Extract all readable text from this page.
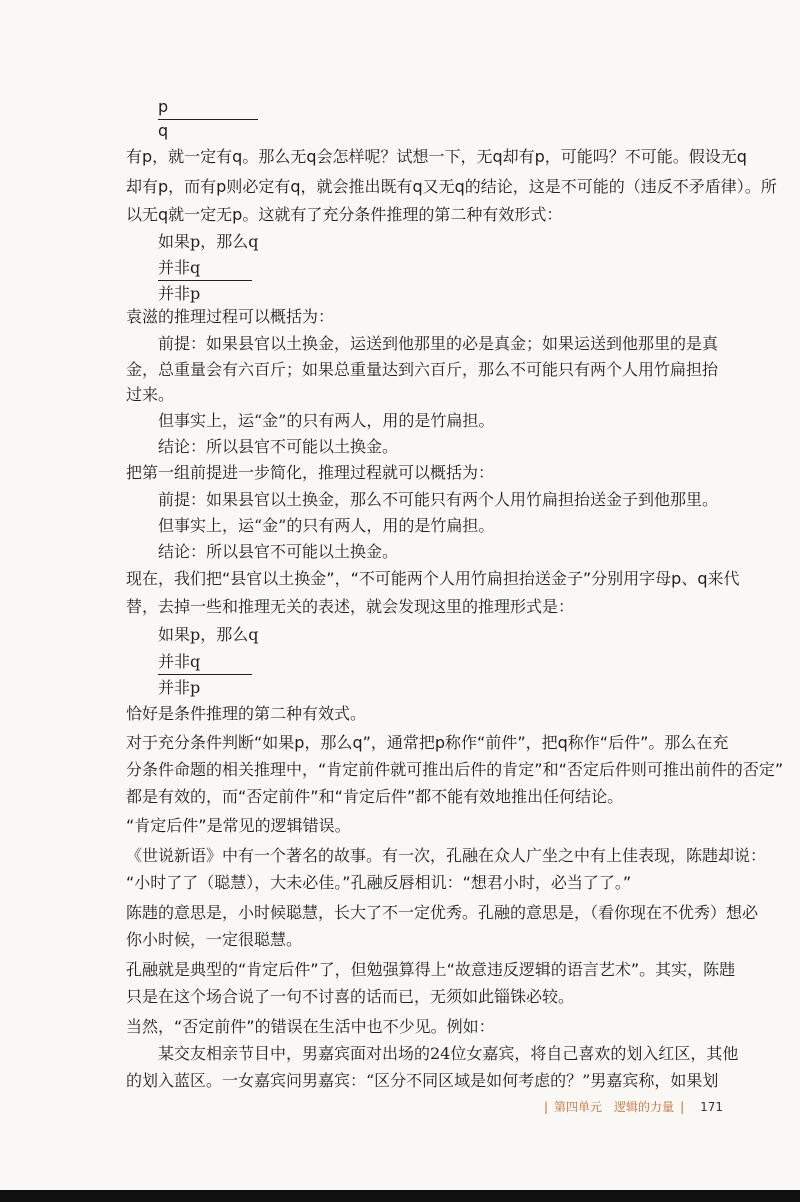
p
q
有p，就一定有q。那么无q会怎样呢？试想一下，无q却有p，可能吗？不可能。假设无q
却有p，而有p则必定有q，就会推出既有q又无q的结论，这是不可能的（违反不矛盾律）。所
以无q就一定无p。这就有了充分条件推理的第二种有效形式：
如果p，那么q
并非q
并非p
袁滋的推理过程可以概括为：
前提：如果县官以土换金，运送到他那里的必是真金；如果运送到他那里的是真
金，总重量会有六百斤；如果总重量达到六百斤，那么不可能只有两个人用竹扁担抬
过来。
但事实上，运“金”的只有两人，用的是竹扁担。
结论：所以县官不可能以土换金。
把第一组前提进一步简化，推理过程就可以概括为：
前提：如果县官以土换金，那么不可能只有两个人用竹扁担抬送金子到他那里。
但事实上，运“金”的只有两人，用的是竹扁担。
结论：所以县官不可能以土换金。
现在，我们把“县官以土换金”，“不可能两个人用竹扁担抬送金子”分别用字母p、q来代
替，去掉一些和推理无关的表述，就会发现这里的推理形式是：
如果p，那么q
并非q
并非p
恰好是条件推理的第二种有效式。
对于充分条件判断“如果p，那么q”，通常把p称作“前件”，把q称作“后件”。那么在充
分条件命题的相关推理中，“肯定前件就可推出后件的肯定”和“否定后件则可推出前件的否定”
都是有效的，而“否定前件”和“肯定后件”都不能有效地推出任何结论。
“肯定后件”是常见的逻辑错误。
《世说新语》中有一个著名的故事。有一次，孔融在众人广坐之中有上佳表现，陈韪却说：
“小时了了（聪慧），大未必佳。”孔融反唇相讥：“想君小时，必当了了。”
陈韪的意思是，小时候聪慧，长大了不一定优秀。孔融的意思是，（看你现在不优秀）想必
你小时候，一定很聪慧。
孔融就是典型的“肯定后件”了，但勉强算得上“故意违反逻辑的语言艺术”。其实，陈韪
只是在这个场合说了一句不讨喜的话而已，无须如此锱铢必较。
当然，“否定前件”的错误在生活中也不少见。例如：
某交友相亲节目中，男嘉宾面对出场的24位女嘉宾，将自己喜欢的划入红区，其他
的划入蓝区。一女嘉宾问男嘉宾：“区分不同区域是如何考虑的？”男嘉宾称，如果划
| 第四单元　逻辑的力量 | 171
